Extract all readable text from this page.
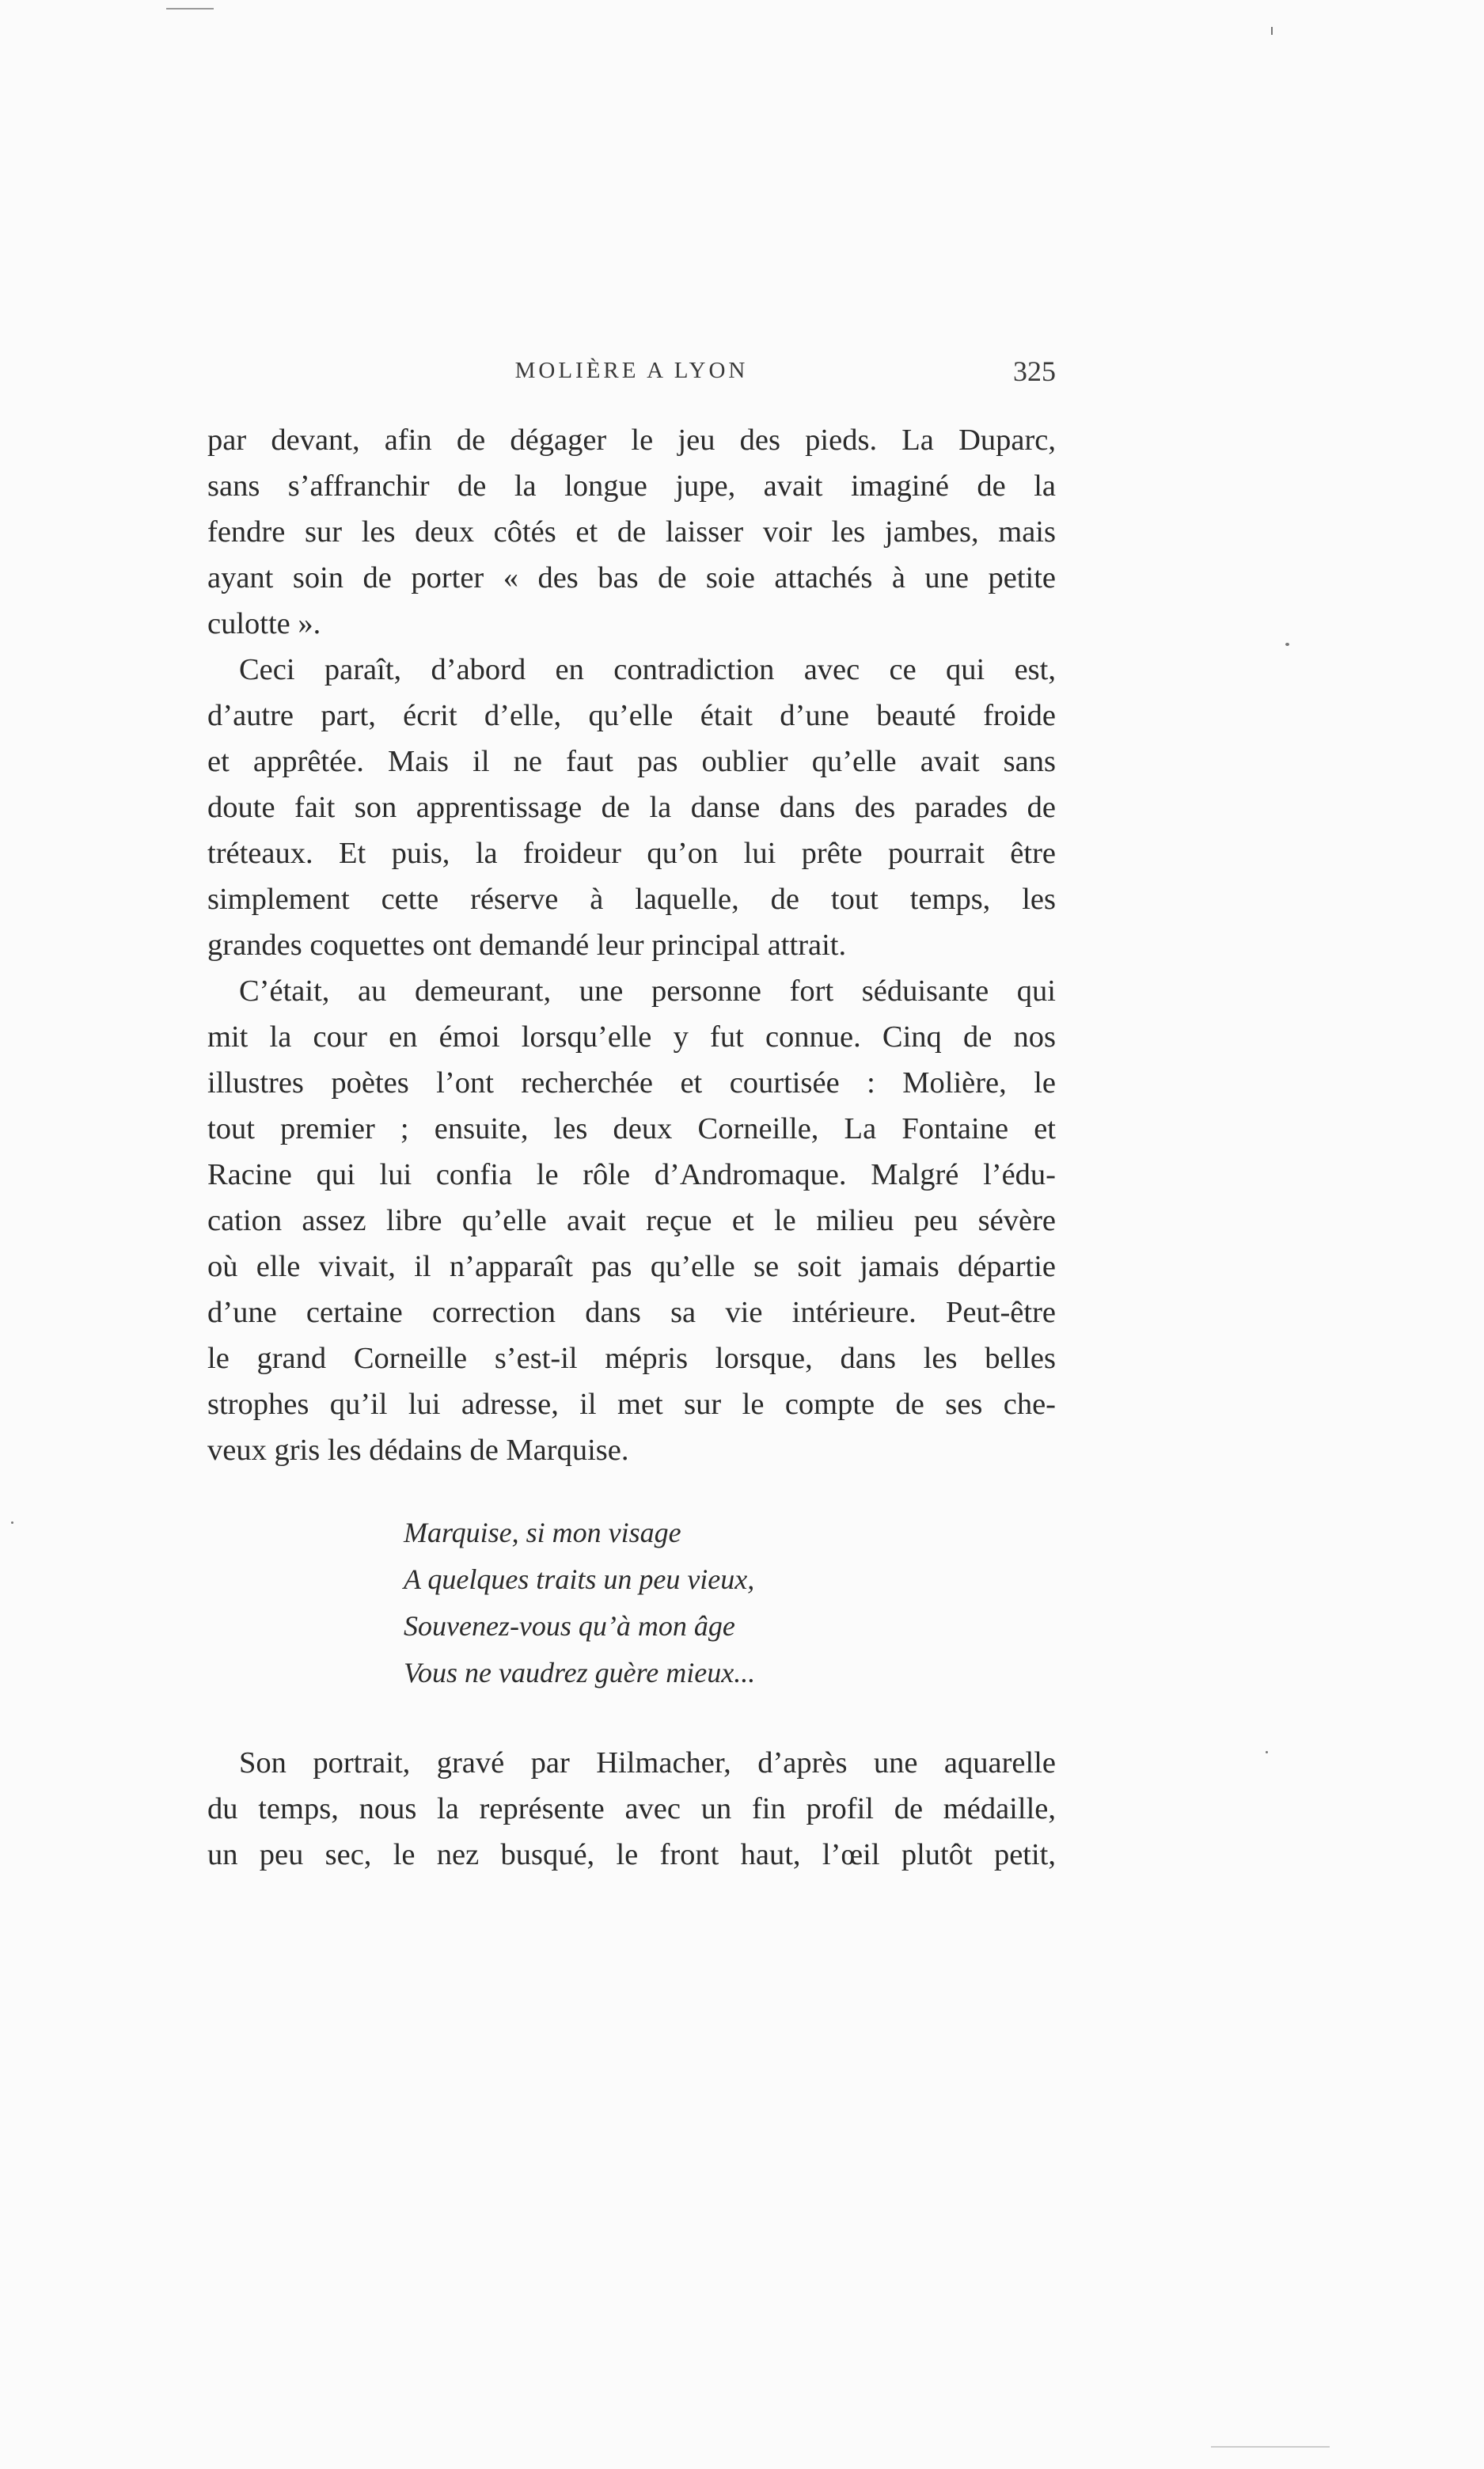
MOLIÈRE A LYON	325
par devant, afin de dégager le jeu des pieds. La Duparc,
sans s’affranchir de la longue jupe, avait imaginé de la
fendre sur les deux côtés et de laisser voir les jambes, mais
ayant soin de porter « des bas de soie attachés à une petite
culotte ».
Ceci paraît, d’abord en contradiction avec ce qui est,
d’autre part, écrit d’elle, qu’elle était d’une beauté froide
et apprêtée. Mais il ne faut pas oublier qu’elle avait sans
doute fait son apprentissage de la danse dans des parades de
tréteaux. Et puis, la froideur qu’on lui prête pourrait être
simplement cette réserve à laquelle, de tout temps, les
grandes coquettes ont demandé leur principal attrait.
C’était, au demeurant, une personne fort séduisante qui
mit la cour en émoi lorsqu’elle y fut connue. Cinq de nos
illustres poètes l’ont recherchée et courtisée : Molière, le
tout premier ; ensuite, les deux Corneille, La Fontaine et
Racine qui lui confia le rôle d’Andromaque. Malgré l’édu-
cation assez libre qu’elle avait reçue et le milieu peu sévère
où elle vivait, il n’apparaît pas qu’elle se soit jamais départie
d’une certaine correction dans sa vie intérieure. Peut-être
le grand Corneille s’est-il mépris lorsque, dans les belles
strophes qu’il lui adresse, il met sur le compte de ses che-
veux gris les dédains de Marquise.
Marquise, si mon visage
A quelques traits un peu vieux,
Souvenez-vous qu’à mon âge
Vous ne vaudrez guère mieux...
Son portrait, gravé par Hilmacher, d’après une aquarelle
du temps, nous la représente avec un fin profil de médaille,
un peu sec, le nez busqué, le front haut, l’œil plutôt petit,
